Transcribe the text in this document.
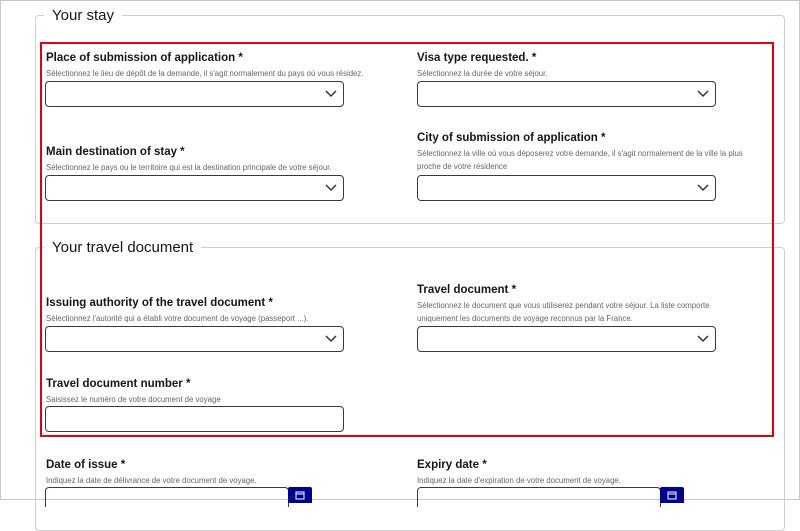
Your stay
Your travel document
Place of submission of application *
Sélectionnez le lieu de dépôt de la demande, il s'agit normalement du pays où vous résidez.
Visa type requested. *
Sélectionnez la durée de votre séjour.
Main destination of stay *
Sélectionnez le pays ou le territoire qui est la destination principale de votre séjour.
City of submission of application *
Sélectionnez la ville où vous déposerez votre demande, il s'agit normalement de la ville la plus
proche de votre résidence
Issuing authority of the travel document *
Sélectionnez l'autorité qui a établi votre document de voyage (passeport ...).
Travel document *
Sélectionnez le document que vous utiliserez pendant votre séjour. La liste comporte
uniquement les documents de voyage reconnus par la France.
Travel document number *
Saisissez le numéro de votre document de voyage
Date of issue *
Indiquez la date de délivrance de votre document de voyage.
Expiry date *
Indiquez la date d'expiration de votre document de voyage.
